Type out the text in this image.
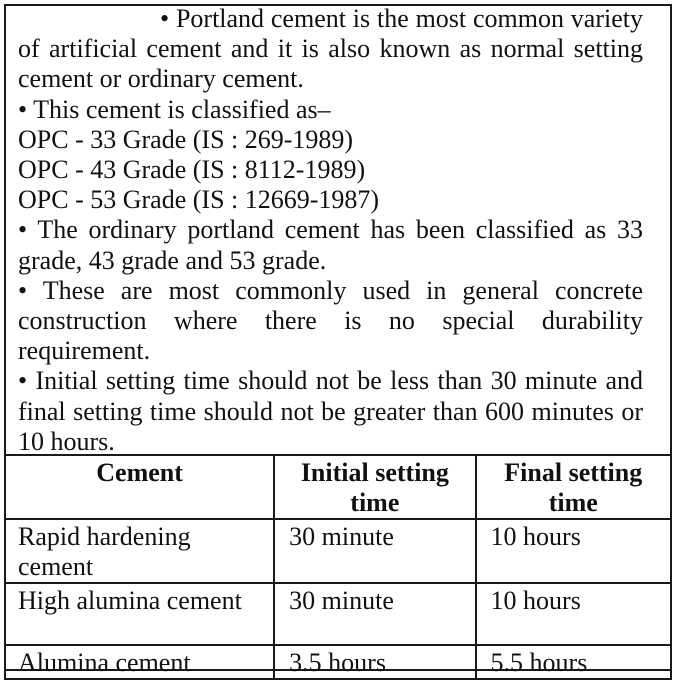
• Portland cement is the most common variety of artificial cement and it is also known as normal setting cement or ordinary cement.

• This cement is classified as–

OPC - 33 Grade (IS : 269-1989)

OPC - 43 Grade (IS : 8112-1989)

OPC - 53 Grade (IS : 12669-1987)

• The ordinary portland cement has been classified as 33 grade, 43 grade and 53 grade.

• These are most commonly used in general concrete construction where there is no special durability requirement.

• Initial setting time should not be less than 30 minute and final setting time should not be greater than 600 minutes or 10 hours.

Cement	Initial setting time	Final setting time
Rapid hardening cement	30 minute	10 hours
High alumina cement	30 minute	10 hours
Alumina cement	3.5 hours	5.5 hours
